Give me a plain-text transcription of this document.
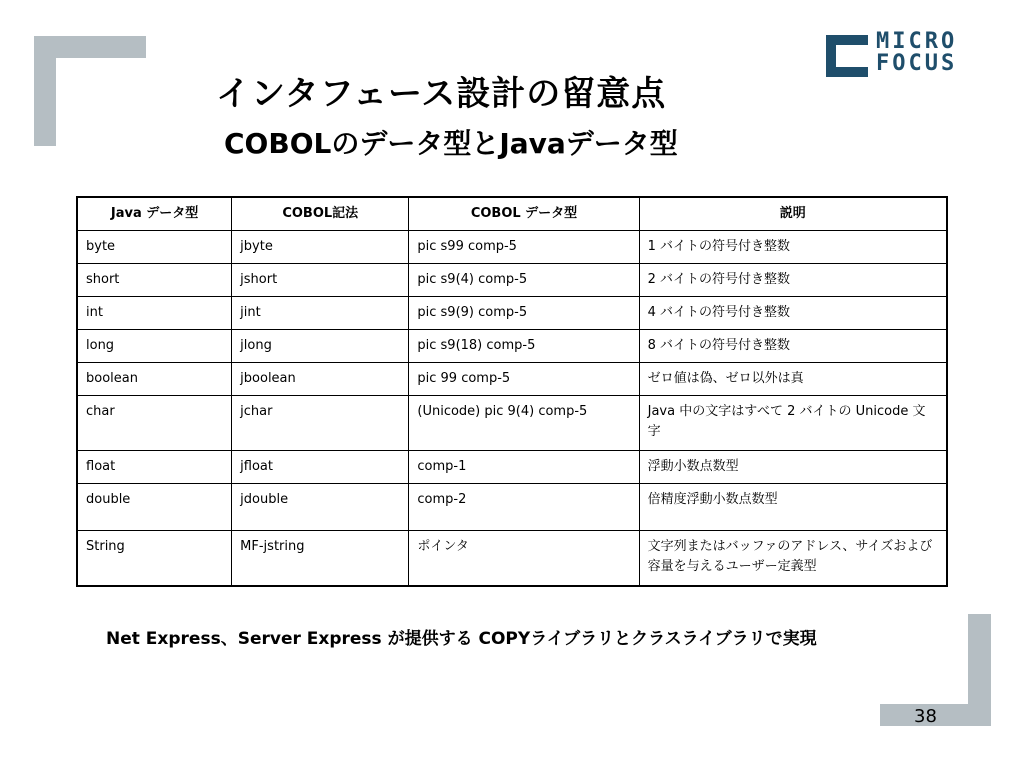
MICRO
FOCUS
インタフェース設計の留意点
COBOLのデータ型とJavaデータ型
Java データ型	COBOL記法	COBOL データ型	説明
byte	jbyte	pic s99 comp-5	1 バイトの符号付き整数
short	jshort	pic s9(4) comp-5	2 バイトの符号付き整数
int	jint	pic s9(9) comp-5	4 バイトの符号付き整数
long	jlong	pic s9(18) comp-5	8 バイトの符号付き整数
boolean	jboolean	pic 99 comp-5	ゼロ値は偽、ゼロ以外は真
char	jchar	(Unicode) pic 9(4) comp-5	Java 中の文字はすべて 2 バイトの Unicode 文字
float	jfloat	comp-1	浮動小数点数型
double	jdouble	comp-2	倍精度浮動小数点数型
String	MF-jstring	ポインタ	文字列またはバッファのアドレス、サイズおよび容量を与えるユーザー定義型
Net Express、Server Express が提供する COPYライブラリとクラスライブラリで実現
38
